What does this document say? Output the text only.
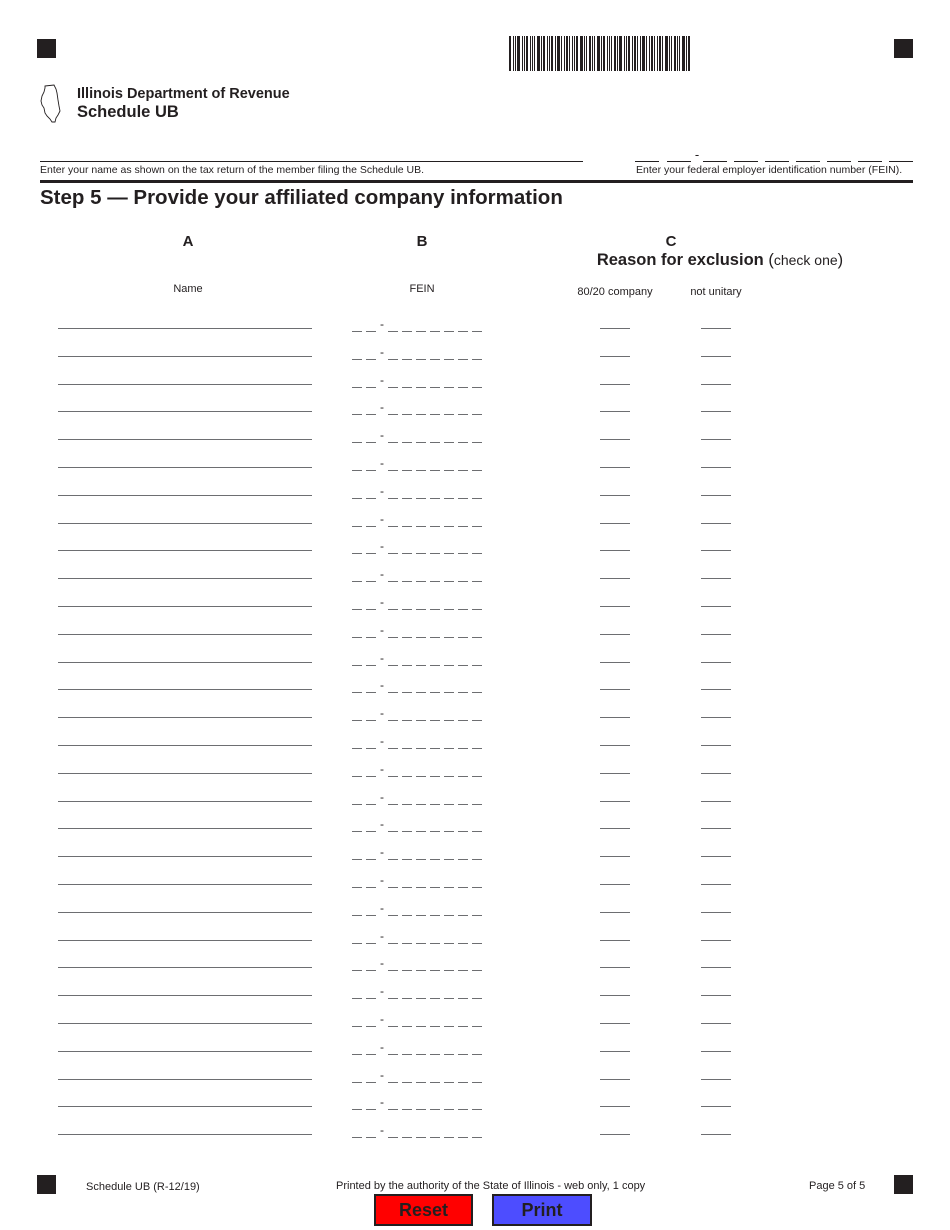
Illinois Department of Revenue
Schedule UB
Enter your name as shown on the tax return of the member filing the Schedule UB.
-
Enter your federal employer identification number (FEIN).
Step 5 — Provide your affiliated company information
A	B	C
Reason for exclusion (check one)
Name	FEIN	80/20 company	not unitary
-
-
-
-
-
-
-
-
-
-
-
-
-
-
-
-
-
-
-
-
-
-
-
-
-
-
-
-
-
-
Schedule UB (R-12/19)	Printed by the authority of the State of Illinois - web only, 1 copy	Page 5 of 5
Reset	Print
